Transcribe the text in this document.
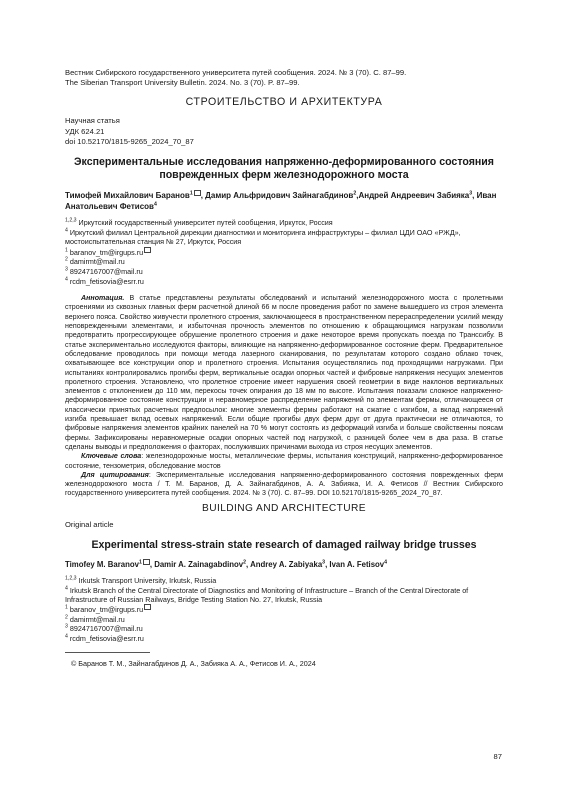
Вестник Сибирского государственного университета путей сообщения. 2024. № 3 (70). С. 87–99.
The Siberian Transport University Bulletin. 2024. No. 3 (70). P. 87–99.
СТРОИТЕЛЬСТВО И АРХИТЕКТУРА
Научная статья
УДК 624.21
doi 10.52170/1815-9265_2024_70_87
Экспериментальные исследования напряженно-деформированного состояния поврежденных ферм железнодорожного моста
Тимофей Михайлович Баранов$^1$ , Дамир Альфридович Зайнагабдинов$^2$,Андрей Андреевич Забияка$^3$, Иван Анатольевич Фетисов$^4$
$^{1,2,3}$ Иркутский государственный университет путей сообщения, Иркутск, Россия
$^4$ Иркутский филиал Центральной дирекции диагностики и мониторинга инфраструктуры – филиал ЦДИ ОАО «РЖД», мостоиспытательная станция № 27, Иркутск, Россия
$^1$ baranov_tm@irgups.ru
$^2$ damirmt@mail.ru
$^3$ 89247167007@mail.ru
$^4$ rcdm_fetisovia@esrr.ru
Аннотация. В статье представлены результаты обследований и испытаний железнодорожного моста с пролетными строениями из сквозных главных ферм расчетной длиной 66 м после проведения работ по замене вышедшего из строя элемента верхнего пояса. Свойство живучести пролетного строения, заключающееся в пространственном перераспределении усилий между неповрежденными элементами, и избыточная прочность элементов по отношению к обращающимся нагрузкам позволили предотвратить прогрессирующее обрушение пролетного строения и даже некоторое время пропускать поезда по Транссибу. В статье экспериментально исследуются факторы, влияющие на напряженно-деформированное состояние ферм. Предварительное обследование проводилось при помощи метода лазерного сканирования, по результатам которого создано облако точек, охватывающее все конструкции опор и пролетного строения. Испытания осуществлялись под проходящими нагрузками. При испытаниях контролировались прогибы ферм, вертикальные осадки опорных частей и фибровые напряжения несущих элементов пролетного строения. Установлено, что пролетное строение имеет нарушения своей геометрии в виде наклонов вертикальных элементов с отклонением до 110 мм, перекосы точек опирания до 18 мм по высоте. Испытания показали сложное напряженно-деформированное состояние конструкции и неравномерное распределение напряжений по элементам фермы, отличающееся от классически принятых расчетных предпосылок: многие элементы фермы работают на сжатие с изгибом, а вклад напряжений изгиба превышает вклад осевых напряжений. Если общие прогибы двух ферм друг от друга практически не отличаются, то фибровые напряжения элементов крайних панелей на 70 % могут состоять из деформаций изгиба и больше свойственны поясам фермы. Зафиксированы неравномерные осадки опорных частей под нагрузкой, с разницей более чем в два раза. В статье сделаны выводы и предположения о факторах, послуживших причинами выхода из строя несущих элементов.
Ключевые слова: железнодорожные мосты, металлические фермы, испытания конструкций, напряженно-деформированное состояние, тензометрия, обследование мостов
Для цитирования: Экспериментальные исследования напряженно-деформированного состояния поврежденных ферм железнодорожного моста / Т. М. Баранов, Д. А. Зайнагабдинов, А. А. Забияка, И. А. Фетисов // Вестник Сибирского государственного университета путей сообщения. 2024. № 3 (70). С. 87–99. DOI 10.52170/1815-9265_2024_70_87.
BUILDING AND ARCHITECTURE
Original article
Experimental stress-strain state research of damaged railway bridge trusses
Timofey M. Baranov$^1$ , Damir A. Zainagabdinov$^2$, Andrey A. Zabiyaka$^3$, Ivan A. Fetisov$^4$
$^{1,2,3}$ Irkutsk Transport University, Irkutsk, Russia
$^4$ Irkutsk Branch of the Central Directorate of Diagnostics and Monitoring of Infrastructure – Branch of the Central Directorate of Infrastructure of Russian Railways, Bridge Testing Station No. 27, Irkutsk, Russia
$^1$ baranov_tm@irgups.ru
$^2$ damirmt@mail.ru
$^3$ 89247167007@mail.ru
$^4$ rcdm_fetisovia@esrr.ru
© Баранов Т. М., Зайнагабдинов Д. А., Забияка А. А., Фетисов И. А., 2024
87
